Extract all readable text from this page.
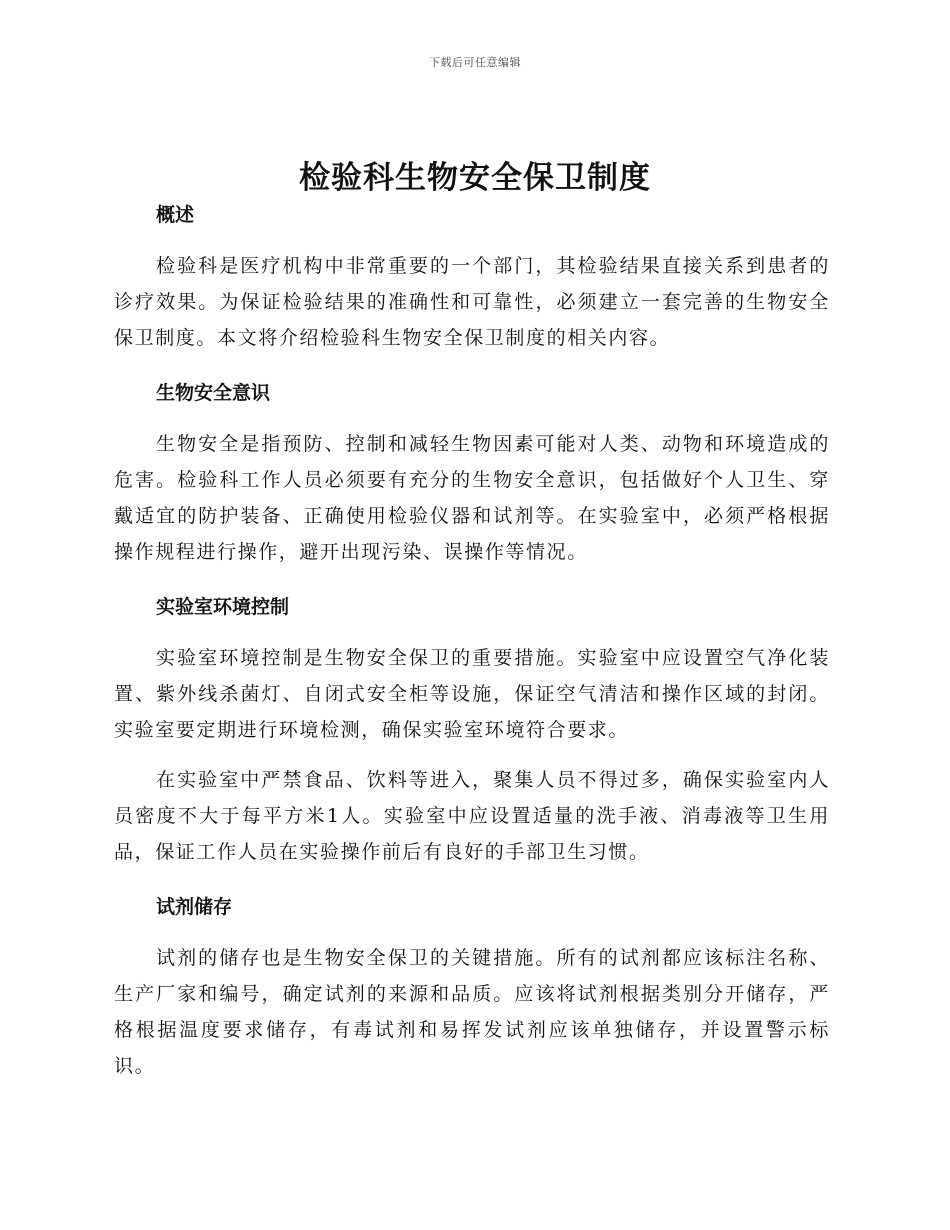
下载后可任意编辑
检验科生物安全保卫制度
概述

检验科是医疗机构中非常重要的一个部门，其检验结果直接关系到患者的诊疗效果。为保证检验结果的准确性和可靠性，必须建立一套完善的生物安全保卫制度。本文将介绍检验科生物安全保卫制度的相关内容。

生物安全意识

生物安全是指预防、控制和减轻生物因素可能对人类、动物和环境造成的危害。检验科工作人员必须要有充分的生物安全意识，包括做好个人卫生、穿戴适宜的防护装备、正确使用检验仪器和试剂等。在实验室中，必须严格根据操作规程进行操作，避开出现污染、误操作等情况。

实验室环境控制

实验室环境控制是生物安全保卫的重要措施。实验室中应设置空气净化装置、紫外线杀菌灯、自闭式安全柜等设施，保证空气清洁和操作区域的封闭。实验室要定期进行环境检测，确保实验室环境符合要求。

在实验室中严禁食品、饮料等进入，聚集人员不得过多，确保实验室内人员密度不大于每平方米1人。实验室中应设置适量的洗手液、消毒液等卫生用品，保证工作人员在实验操作前后有良好的手部卫生习惯。

试剂储存

试剂的储存也是生物安全保卫的关键措施。所有的试剂都应该标注名称、生产厂家和编号，确定试剂的来源和品质。应该将试剂根据类别分开储存，严格根据温度要求储存，有毒试剂和易挥发试剂应该单独储存，并设置警示标识。
